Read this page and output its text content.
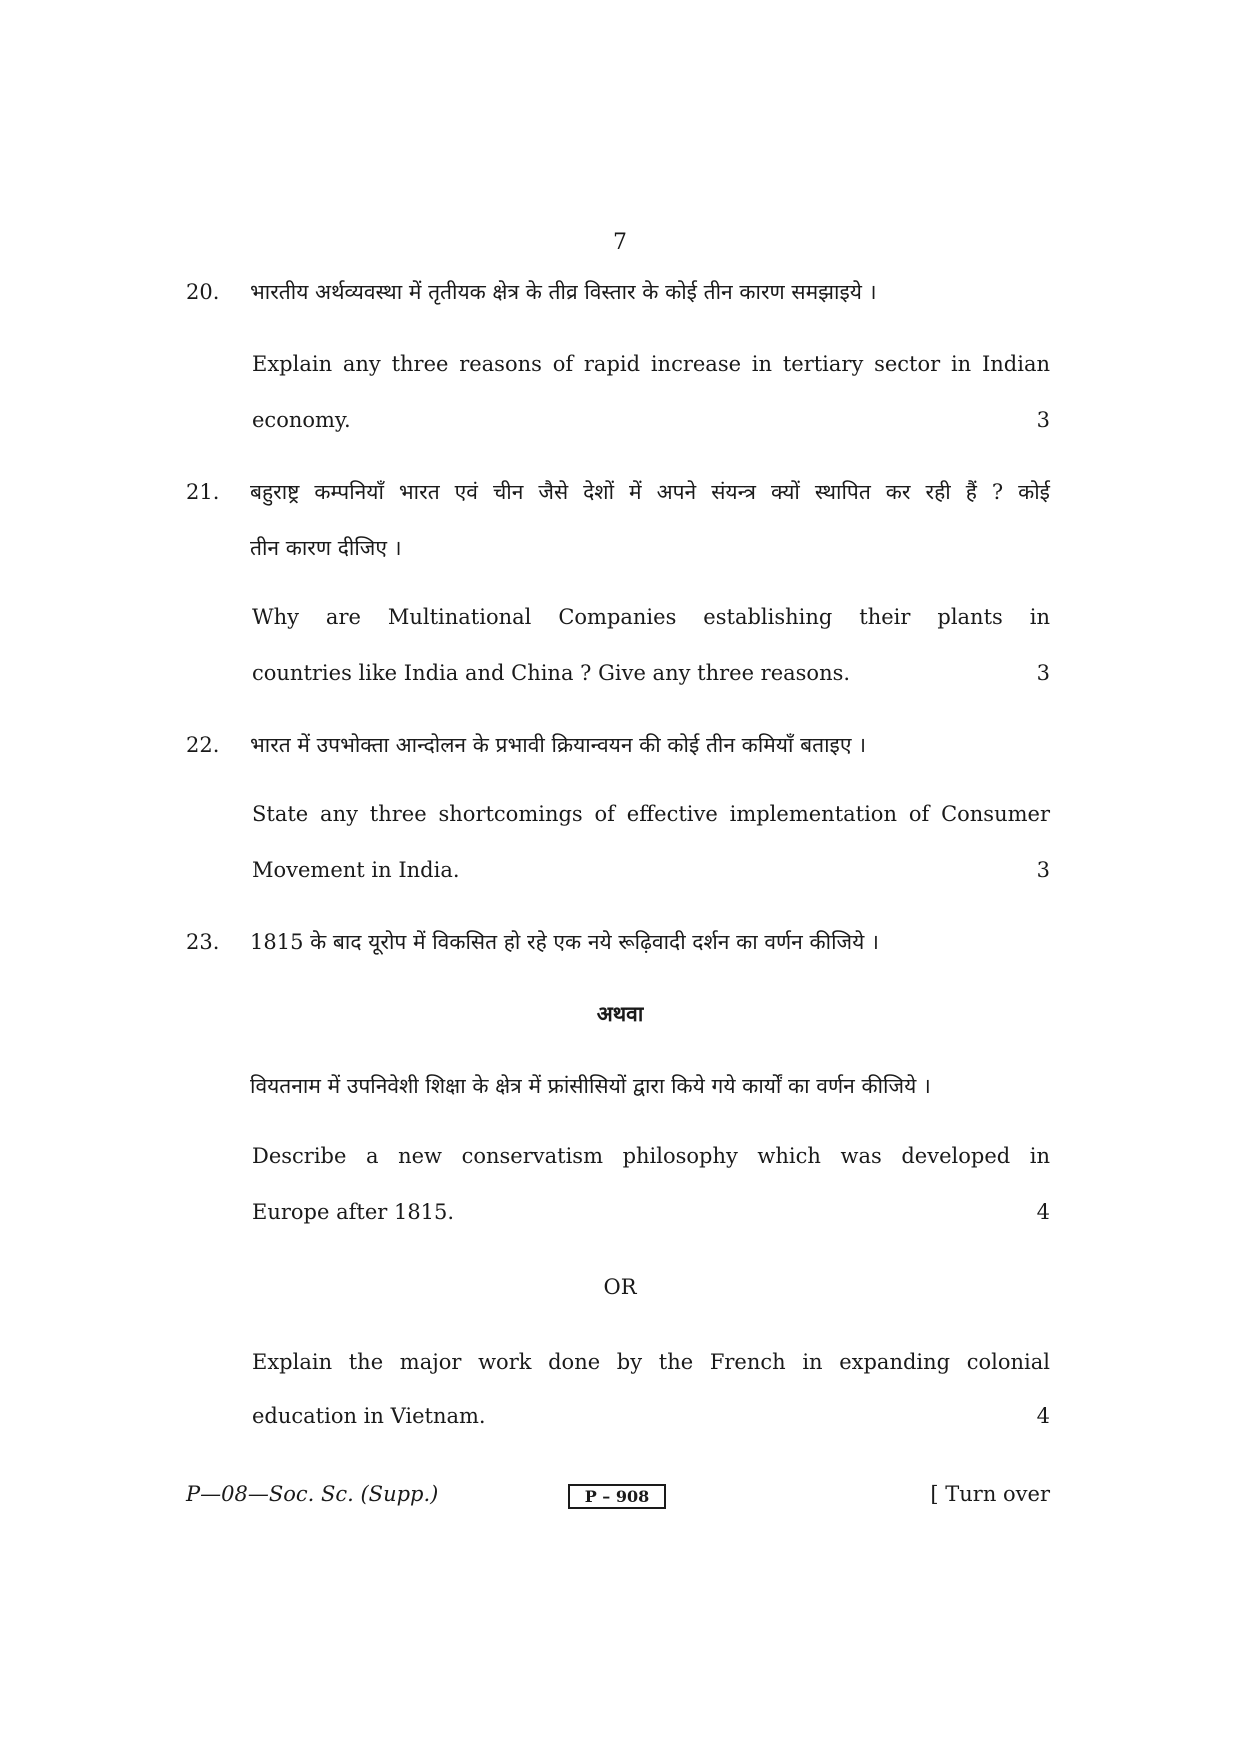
7
20. भारतीय अर्थव्यवस्था में तृतीयक क्षेत्र के तीव्र विस्तार के कोई तीन कारण समझाइये ।
Explain any three reasons of rapid increase in tertiary sector in Indian
economy.	3
21. बहुराष्ट्र कम्पनियाँ भारत एवं चीन जैसे देशों में अपने संयन्त्र क्यों स्थापित कर रही हैं ? कोई
तीन कारण दीजिए ।
Why are Multinational Companies establishing their plants in
countries like India and China ? Give any three reasons.	3
22. भारत में उपभोक्ता आन्दोलन के प्रभावी क्रियान्वयन की कोई तीन कमियाँ बताइए ।
State any three shortcomings of effective implementation of Consumer
Movement in India.	3
23. 1815 के बाद यूरोप में विकसित हो रहे एक नये रूढ़िवादी दर्शन का वर्णन कीजिये ।
अथवा
वियतनाम में उपनिवेशी शिक्षा के क्षेत्र में फ्रांसीसियों द्वारा किये गये कार्यों का वर्णन कीजिये ।
Describe a new conservatism philosophy which was developed in
Europe after 1815.	4
OR
Explain the major work done by the French in expanding colonial
education in Vietnam.	4
P—08—Soc. Sc. (Supp.)	P – 908	[ Turn over
